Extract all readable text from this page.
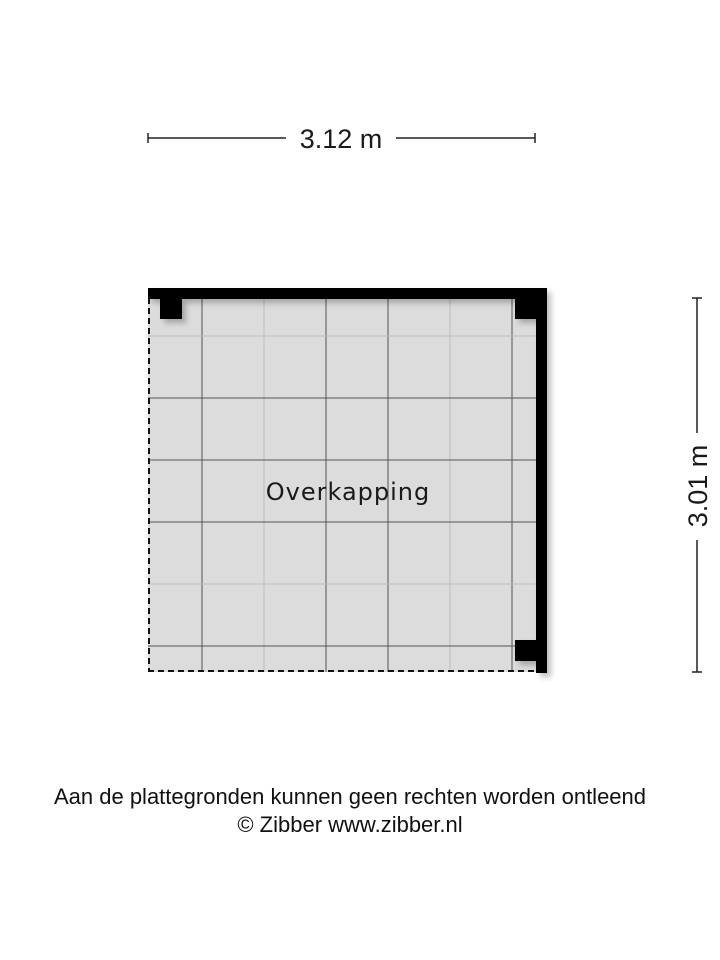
3.12 m
3.01 m
Overkapping
Aan de plattegronden kunnen geen rechten worden ontleend
© Zibber www.zibber.nl
